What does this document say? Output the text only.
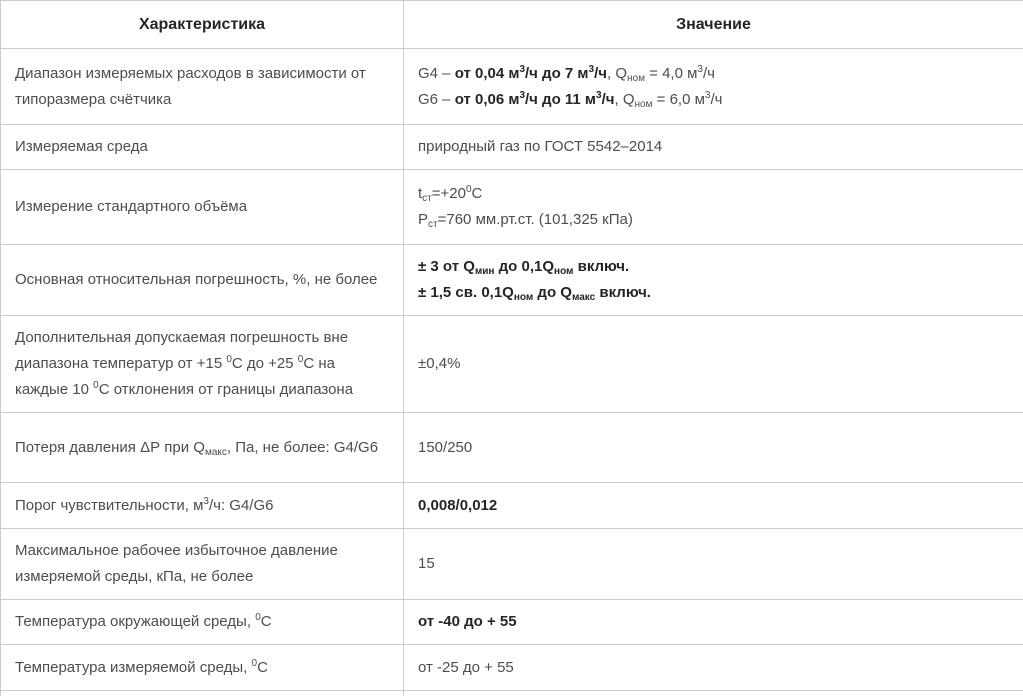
Характеристика	Значение
Диапазон измеряемых расходов в зависимости от типоразмера счётчика	G4 – от 0,04 $м^3/ч$ до 7 $м^3/ч$, $Q_{ном} = 4,0$ $м^3/ч$
G6 – от 0,06 $м^3/ч$ до 11 $м^3/ч$, $Q_{ном} = 6,0$ $м^3/ч$

Измеряемая среда	природный газ по ГОСТ 5542–2014

Измерение стандартного объёма	$t_{ст}=+20^0С$
$Р_{ст}=760$ мм.рт.ст. (101,325 кПа)

Основная относительная погрешность, %, не более	± 3 от $Q_{мин}$ до $0,1Q_{ном}$ включ.
± 1,5 св. $0,1Q_{ном}$ до $Q_{макс}$ включ.

Дополнительная допускаемая погрешность вне диапазона температур от +15 $^0$С до +25 $^0$С на каждые 10 $^0$С отклонения от границы диапазона	±0,4%

Потеря давления ΔР при $Q_{макс}$, Па, не более: G4/G6	150/250

Порог чувствительности, $м^3/ч$: G4/G6	0,008/0,012

Максимальное рабочее избыточное давление измеряемой среды, кПа, не более	15

Температура окружающей среды, $^0$С	от -40 до + 55

Температура измеряемой среды, $^0$С	от -25 до + 55
